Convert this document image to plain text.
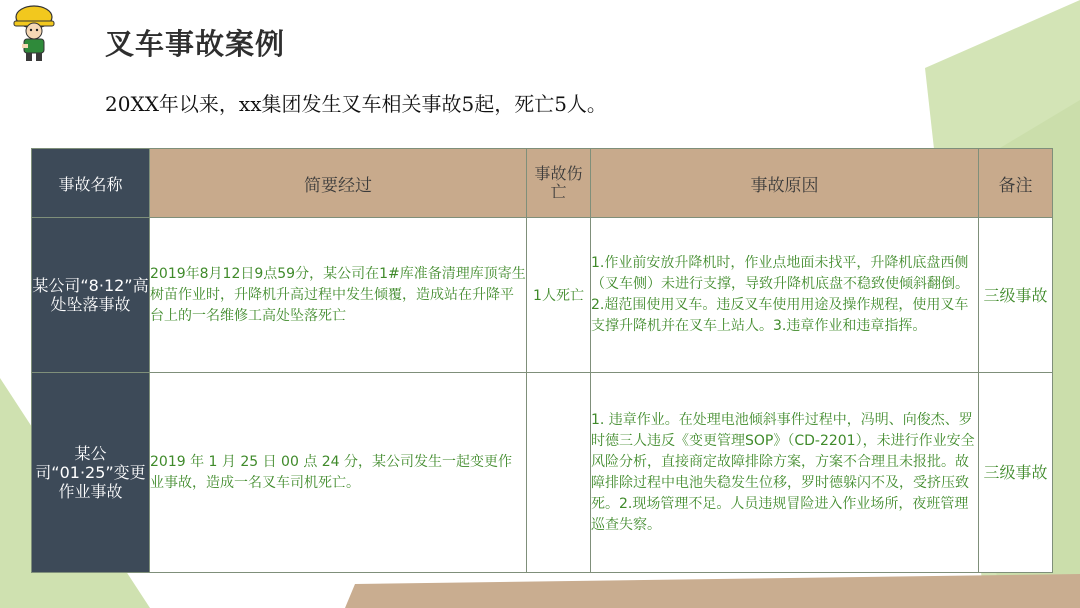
叉车事故案例
20XX年以来，xx集团发生叉车相关事故5起，死亡5人。
事故名称	简要经过	事故伤亡	事故原因	备注
某公司“8·12”高处坠落事故	2019年8月12日9点59分，某公司在1#库准备清理库顶寄生树苗作业时，升降机升高过程中发生倾覆，造成站在升降平台上的一名维修工高处坠落死亡	1人死亡	1.作业前安放升降机时，作业点地面未找平，升降机底盘西侧（叉车侧）未进行支撑，导致升降机底盘不稳致使倾斜翻倒。2.超范围使用叉车。违反叉车使用用途及操作规程，使用叉车支撑升降机并在叉车上站人。3.违章作业和违章指挥。	三级事故
某公司“01·25”变更作业事故	2019 年 1 月 25 日 00 点 24 分，某公司发生一起变更作业事故，造成一名叉车司机死亡。		1. 违章作业。在处理电池倾斜事件过程中，冯明、向俊杰、罗时德三人违反《变更管理SOP》（CD-2201），未进行作业安全风险分析，直接商定故障排除方案，方案不合理且未报批。故障排除过程中电池失稳发生位移，罗时德躲闪不及，受挤压致死。2.现场管理不足。人员违规冒险进入作业场所，夜班管理巡查失察。	三级事故
